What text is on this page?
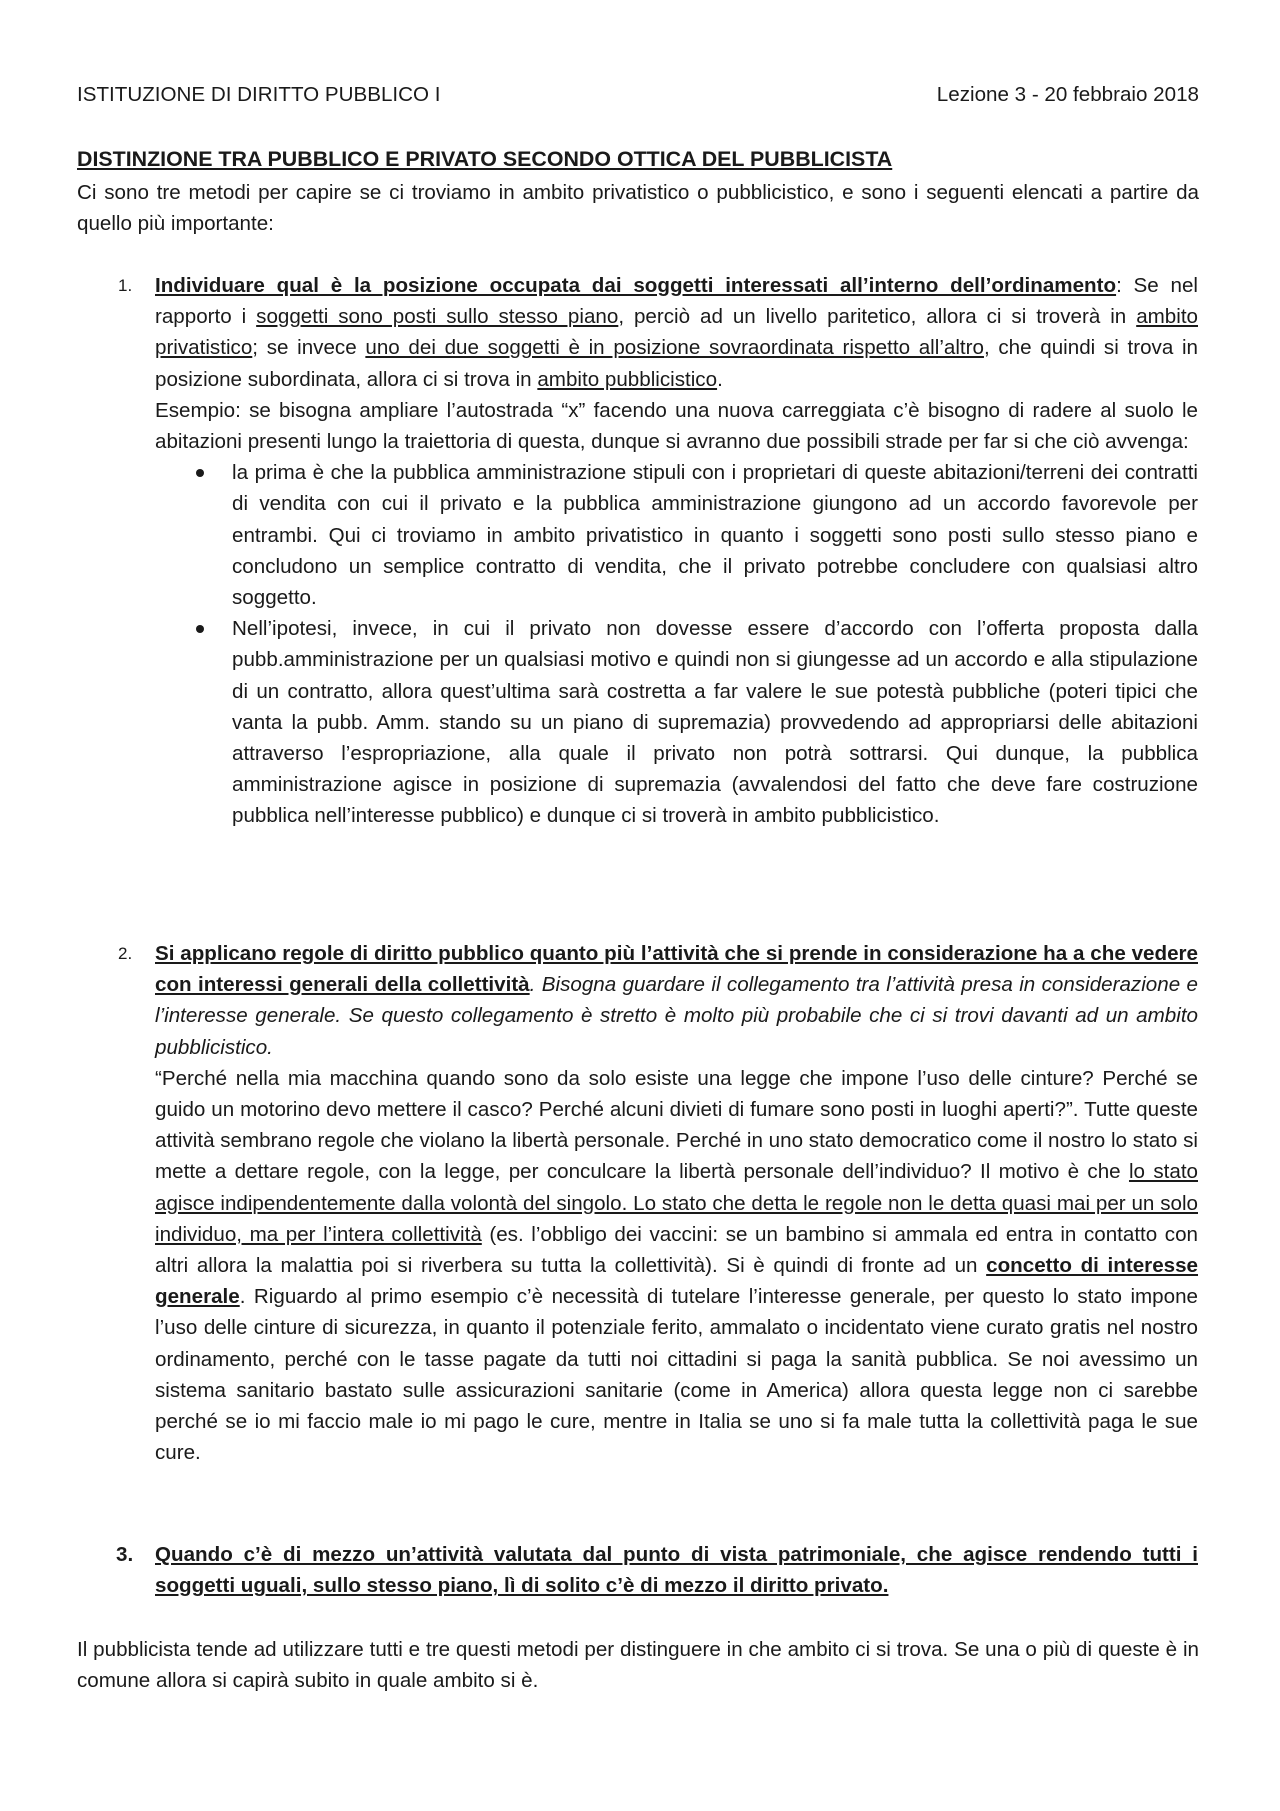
ISTITUZIONE DI DIRITTO PUBBLICO I	Lezione 3 - 20 febbraio 2018
DISTINZIONE TRA PUBBLICO E PRIVATO SECONDO OTTICA DEL PUBBLICISTA

Ci sono tre metodi per capire se ci troviamo in ambito privatistico o pubblicistico, e sono i seguenti elencati a partire da quello più importante:

1. Individuare qual è la posizione occupata dai soggetti interessati all’interno dell’ordinamento: Se nel rapporto i soggetti sono posti sullo stesso piano, perciò ad un livello paritetico, allora ci si troverà in ambito privatistico; se invece uno dei due soggetti è in posizione sovraordinata rispetto all’altro, che quindi si trova in posizione subordinata, allora ci si trova in ambito pubblicistico.

Esempio: se bisogna ampliare l’autostrada “x” facendo una nuova carreggiata c’è bisogno di radere al suolo le abitazioni presenti lungo la traiettoria di questa, dunque si avranno due possibili strade per far si che ciò avvenga:

la prima è che la pubblica amministrazione stipuli con i proprietari di queste abitazioni/terreni dei contratti di vendita con cui il privato e la pubblica amministrazione giungono ad un accordo favorevole per entrambi. Qui ci troviamo in ambito privatistico in quanto i soggetti sono posti sullo stesso piano e concludono un semplice contratto di vendita, che il privato potrebbe concludere con qualsiasi altro soggetto.
Nell’ipotesi, invece, in cui il privato non dovesse essere d’accordo con l’offerta proposta dalla pubb.amministrazione per un qualsiasi motivo e quindi non si giungesse ad un accordo e alla stipulazione di un contratto, allora quest’ultima sarà costretta a far valere le sue potestà pubbliche (poteri tipici che vanta la pubb. Amm. stando su un piano di supremazia) provvedendo ad appropriarsi delle abitazioni attraverso l’espropriazione, alla quale il privato non potrà sottrarsi. Qui dunque, la pubblica amministrazione agisce in posizione di supremazia (avvalendosi del fatto che deve fare costruzione pubblica nell’interesse pubblico) e dunque ci si troverà in ambito pubblicistico.
2. Si applicano regole di diritto pubblico quanto più l’attività che si prende in considerazione ha a che vedere con interessi generali della collettività. Bisogna guardare il collegamento tra l’attività presa in considerazione e l’interesse generale. Se questo collegamento è stretto è molto più probabile che ci si trovi davanti ad un ambito pubblicistico.

“Perché nella mia macchina quando sono da solo esiste una legge che impone l’uso delle cinture? Perché se guido un motorino devo mettere il casco? Perché alcuni divieti di fumare sono posti in luoghi aperti?”. Tutte queste attività sembrano regole che violano la libertà personale. Perché in uno stato democratico come il nostro lo stato si mette a dettare regole, con la legge, per conculcare la libertà personale dell’individuo? Il motivo è che lo stato agisce indipendentemente dalla volontà del singolo. Lo stato che detta le regole non le detta quasi mai per un solo individuo, ma per l’intera collettività (es. l’obbligo dei vaccini: se un bambino si ammala ed entra in contatto con altri allora la malattia poi si riverbera su tutta la collettività). Si è quindi di fronte ad un concetto di interesse generale. Riguardo al primo esempio c’è necessità di tutelare l’interesse generale, per questo lo stato impone l’uso delle cinture di sicurezza, in quanto il potenziale ferito, ammalato o incidentato viene curato gratis nel nostro ordinamento, perché con le tasse pagate da tutti noi cittadini si paga la sanità pubblica. Se noi avessimo un sistema sanitario bastato sulle assicurazioni sanitarie (come in America) allora questa legge non ci sarebbe perché se io mi faccio male io mi pago le cure, mentre in Italia se uno si fa male tutta la collettività paga le sue cure.

3. Quando c’è di mezzo un’attività valutata dal punto di vista patrimoniale, che agisce rendendo tutti i soggetti uguali, sullo stesso piano, lì di solito c’è di mezzo il diritto privato.

Il pubblicista tende ad utilizzare tutti e tre questi metodi per distinguere in che ambito ci si trova. Se una o più di queste è in comune allora si capirà subito in quale ambito si è.
